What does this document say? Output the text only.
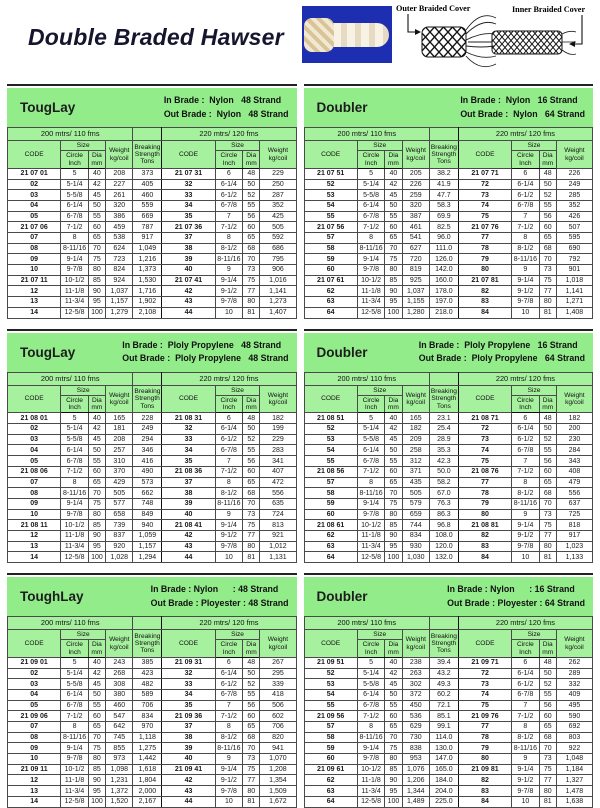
Double Braded Hawser
Outer Braided Cover	Inner Braided Cover
TougLay	In Brade :  Nylon   48 Strand
Out Brade :  Nylon   48 Strand
200 mtrs/ 110 fms					220 mtrs/ 120 fms			
CODE	Size		Weight kg/coil	Breaking Strength Tons	CODE	Size		Weight kg/coil
	Circle Inch	Dia mm				Circle Inch	Dia mm	
21 07 01	5	40	208	373	21 07 31	6	48	229
02	5-1/4	42	227	405	32	6-1/4	50	250
03	5-5/8	45	261	460	33	6-1/2	52	287
04	6-1/4	50	320	559	34	6-7/8	55	352
05	6-7/8	55	386	669	35	7	56	425
21 07 06	7-1/2	60	459	787	21 07 36	7-1/2	60	505
07	8	65	538	917	37	8	65	592
08	8-11/16	70	624	1,049	38	8-1/2	68	686
09	9-1/4	75	723	1,216	39	8-11/16	70	795
10	9-7/8	80	824	1,373	40	9	73	906
21 07 11	10-1/2	85	924	1,530	21 07 41	9-1/4	75	1,016
12	11-1/8	90	1,037	1,716	42	9-1/2	77	1,141
13	11-3/4	95	1,157	1,902	43	9-7/8	80	1,273
14	12-5/8	100	1,279	2,108	44	10	81	1,407
Doubler	In Brade :  Nylon   16 Strand
Out Brade :  Nylon   64 Strand
200 mtrs/ 110 fms					220 mtrs/ 120 fms			
CODE	Size		Weight kg/coil	Breaking Strength Tons	CODE	Size		Weight kg/coil
	Circle Inch	Dia mm				Circle Inch	Dia mm	
21 07 51	5	40	205	38.2	21 07 71	6	48	226
52	5-1/4	42	226	41.9	72	6-1/4	50	249
53	5-5/8	45	259	47.7	73	6-1/2	52	285
54	6-1/4	50	320	58.3	74	6-7/8	55	352
55	6-7/8	55	387	69.9	75	7	56	426
21 07 56	7-1/2	60	461	82.5	21 07 76	7-1/2	60	507
57	8	65	541	96.0	77	8	65	595
58	8-11/16	70	627	111.0	78	8-1/2	68	690
59	9-1/4	75	720	126.0	79	8-11/16	70	792
60	9-7/8	80	819	142.0	80	9	73	901
21 07 61	10-1/2	85	925	160.0	21 07 81	9-1/4	75	1,018
62	11-1/8	90	1,037	178.0	82	9-1/2	77	1,141
63	11-3/4	95	1,155	197.0	83	9-7/8	80	1,271
64	12-5/8	100	1,280	218.0	84	10	81	1,408
TougLay	In Brade :  Ploly Propylene   48 Strand
Out Brade :  Ploly Propylene   48 Strand
200 mtrs/ 110 fms					220 mtrs/ 120 fms			
CODE	Size		Weight kg/coil	Breaking Strength Tons	CODE	Size		Weight kg/coil
	Circle Inch	Dia mm				Circle Inch	Dia mm	
21 08 01	5	40	165	228	21 08 31	6	48	182
02	5-1/4	42	181	249	32	6-1/4	50	199
03	5-5/8	45	208	294	33	6-1/2	52	229
04	6-1/4	50	257	346	34	6-7/8	55	283
05	6-7/8	55	310	416	35	7	56	341
21 08 06	7-1/2	60	370	490	21 08 36	7-1/2	60	407
07	8	65	429	573	37	8	65	472
08	8-11/16	70	505	662	38	8-1/2	68	556
09	9-1/4	75	577	748	39	8-11/16	70	635
10	9-7/8	80	658	849	40	9	73	724
21 08 11	10-1/2	85	739	940	21 08 41	9-1/4	75	813
12	11-1/8	90	837	1,059	42	9-1/2	77	921
13	11-3/4	95	920	1,157	43	9-7/8	80	1,012
14	12-5/8	100	1,028	1,294	44	10	81	1,131
Doubler	In Brade :  Ploly Propylene   16 Strand
Out Brade :  Ploly Propylene   64 Strand
200 mtrs/ 110 fms					220 mtrs/ 120 fms			
CODE	Size		Weight kg/coil	Breaking Strength Tons	CODE	Size		Weight kg/coil
	Circle Inch	Dia mm				Circle Inch	Dia mm	
21 08 51	5	40	165	23.1	21 08 71	6	48	182
52	5-1/4	42	182	25.4	72	6-1/4	50	200
53	5-5/8	45	209	28.9	73	6-1/2	52	230
54	6-1/4	50	258	35.3	74	6-7/8	55	284
55	6-7/8	55	312	42.3	75	7	56	343
21 08 56	7-1/2	60	371	50.0	21 08 76	7-1/2	60	408
57	8	65	435	58.2	77	8	65	479
58	8-11/16	70	505	67.0	78	8-1/2	68	556
59	9-1/4	75	579	76.3	79	8-11/16	70	637
60	9-7/8	80	659	86.3	80	9	73	725
21 08 61	10-1/2	85	744	96.8	21 08 81	9-1/4	75	818
62	11-1/8	90	834	108.0	82	9-1/2	77	917
63	11-3/4	95	930	120.0	83	9-7/8	80	1,023
64	12-5/8	100	1,030	132.0	84	10	81	1,133
ToughLay	In Brade : Nylon      : 48 Strand
Out Brade : Ployester : 48 Strand
200 mtrs/ 110 fms					220 mtrs/ 120 fms			
CODE	Size		Weight kg/coil	Breaking Strength Tons	CODE	Size		Weight kg/coil
	Circle Inch	Dia mm				Circle Inch	Dia mm	
21 09 01	5	40	243	385	21 09 31	6	48	267
02	5-1/4	42	268	423	32	6-1/4	50	295
03	5-5/8	45	308	482	33	6-1/2	52	339
04	6-1/4	50	380	589	34	6-7/8	55	418
05	6-7/8	55	460	706	35	7	56	506
21 09 06	7-1/2	60	547	834	21 09 36	7-1/2	60	602
07	8	65	642	970	37	8	65	706
08	8-11/16	70	745	1,118	38	8-1/2	68	820
09	9-1/4	75	855	1,275	39	8-11/16	70	941
10	9-7/8	80	973	1,442	40	9	73	1,070
21 09 11	10-1/2	85	1,098	1,618	21 09 41	9-1/4	75	1,208
12	11-1/8	90	1,231	1,804	42	9-1/2	77	1,354
13	11-3/4	95	1,372	2,000	43	9-7/8	80	1,509
14	12-5/8	100	1,520	2,167	44	10	81	1,672
Doubler	In Brade : Nylon      : 16 Strand
Out Brade : Ployester : 64 Strand
200 mtrs/ 110 fms					220 mtrs/ 120 fms			
CODE	Size		Weight kg/coil	Breaking Strength Tons	CODE	Size		Weight kg/coil
	Circle Inch	Dia mm				Circle Inch	Dia mm	
21 09 51	5	40	238	39.4	21 09 71	6	48	262
52	5-1/4	42	263	43.2	72	6-1/4	50	289
53	5-5/8	45	302	49.3	73	6-1/2	52	332
54	6-1/4	50	372	60.2	74	6-7/8	55	409
55	6-7/8	55	450	72.1	75	7	56	495
21 09 56	7-1/2	60	536	85.1	21 09 76	7-1/2	60	590
57	8	65	629	99.1	77	8	65	692
58	8-11/16	70	730	114.0	78	8-1/2	68	803
59	9-1/4	75	838	130.0	79	8-11/16	70	922
60	9-7/8	80	953	147.0	80	9	73	1,048
21 09 61	10-1/2	85	1,076	165.0	21 09 81	9-1/4	75	1,184
62	11-1/8	90	1,206	184.0	82	9-1/2	77	1,327
63	11-3/4	95	1,344	204.0	83	9-7/8	80	1,478
64	12-5/8	100	1,489	225.0	84	10	81	1,638
